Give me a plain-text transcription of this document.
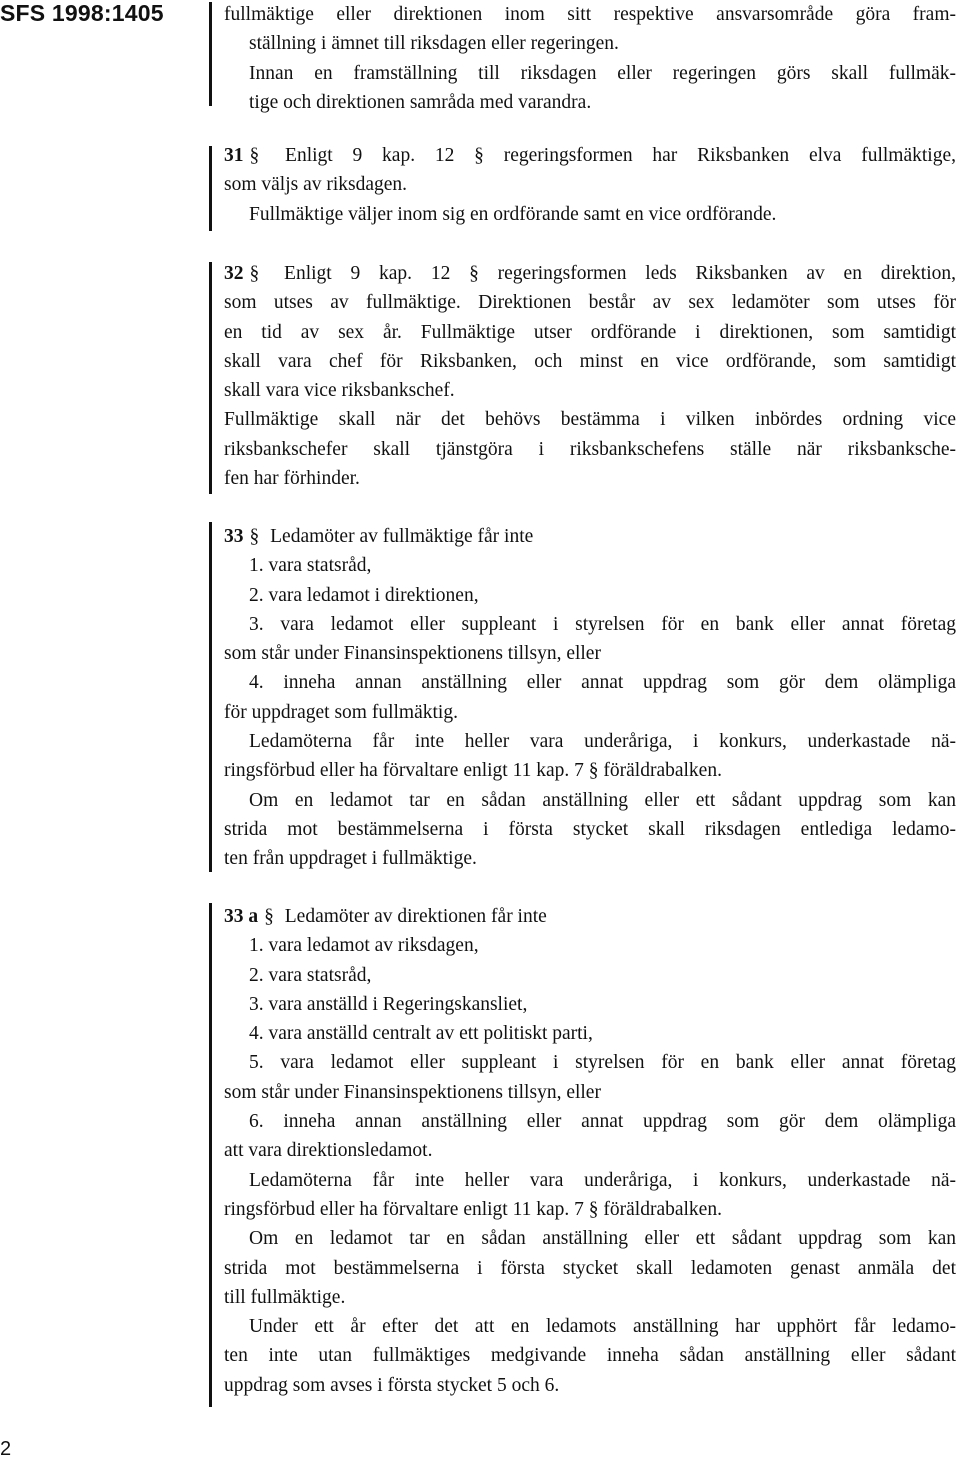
SFS 1998:1405	fullmäktige eller direktionen inom sitt respektive ansvarsområde göra fram-

ställning i ämnet till riksdagen eller regeringen.

Innan en framställning till riksdagen eller regeringen görs skall fullmäk-

tige och direktionen samråda med varandra.

31 § Enligt 9 kap. 12 § regeringsformen har Riksbanken elva fullmäktige,

som väljs av riksdagen.

Fullmäktige väljer inom sig en ordförande samt en vice ordförande.

32 § Enligt 9 kap. 12 § regeringsformen leds Riksbanken av en direktion,

som utses av fullmäktige. Direktionen består av sex ledamöter som utses för

en tid av sex år. Fullmäktige utser ordförande i direktionen, som samtidigt

skall vara chef för Riksbanken, och minst en vice ordförande, som samtidigt

skall vara vice riksbankschef.

Fullmäktige skall när det behövs bestämma i vilken inbördes ordning vice

riksbankschefer skall tjänstgöra i riksbankschefens ställe när riksbanksche-

fen har förhinder.

33 § Ledamöter av fullmäktige får inte

1. vara statsråd,

2. vara ledamot i direktionen,

3. vara ledamot eller suppleant i styrelsen för en bank eller annat företag

som står under Finansinspektionens tillsyn, eller

4. inneha annan anställning eller annat uppdrag som gör dem olämpliga

för uppdraget som fullmäktig.

Ledamöterna får inte heller vara underåriga, i konkurs, underkastade nä-

ringsförbud eller ha förvaltare enligt 11 kap. 7 § föräldrabalken.

Om en ledamot tar en sådan anställning eller ett sådant uppdrag som kan

strida mot bestämmelserna i första stycket skall riksdagen entlediga ledamo-

ten från uppdraget i fullmäktige.

33 a § Ledamöter av direktionen får inte

1. vara ledamot av riksdagen,

2. vara statsråd,

3. vara anställd i Regeringskansliet,

4. vara anställd centralt av ett politiskt parti,

5. vara ledamot eller suppleant i styrelsen för en bank eller annat företag

som står under Finansinspektionens tillsyn, eller

6. inneha annan anställning eller annat uppdrag som gör dem olämpliga

att vara direktionsledamot.

Ledamöterna får inte heller vara underåriga, i konkurs, underkastade nä-

ringsförbud eller ha förvaltare enligt 11 kap. 7 § föräldrabalken.

Om en ledamot tar en sådan anställning eller ett sådant uppdrag som kan

strida mot bestämmelserna i första stycket skall ledamoten genast anmäla det

till fullmäktige.

Under ett år efter det att en ledamots anställning har upphört får ledamo-

ten inte utan fullmäktiges medgivande inneha sådan anställning eller sådant

uppdrag som avses i första stycket 5 och 6.

2
